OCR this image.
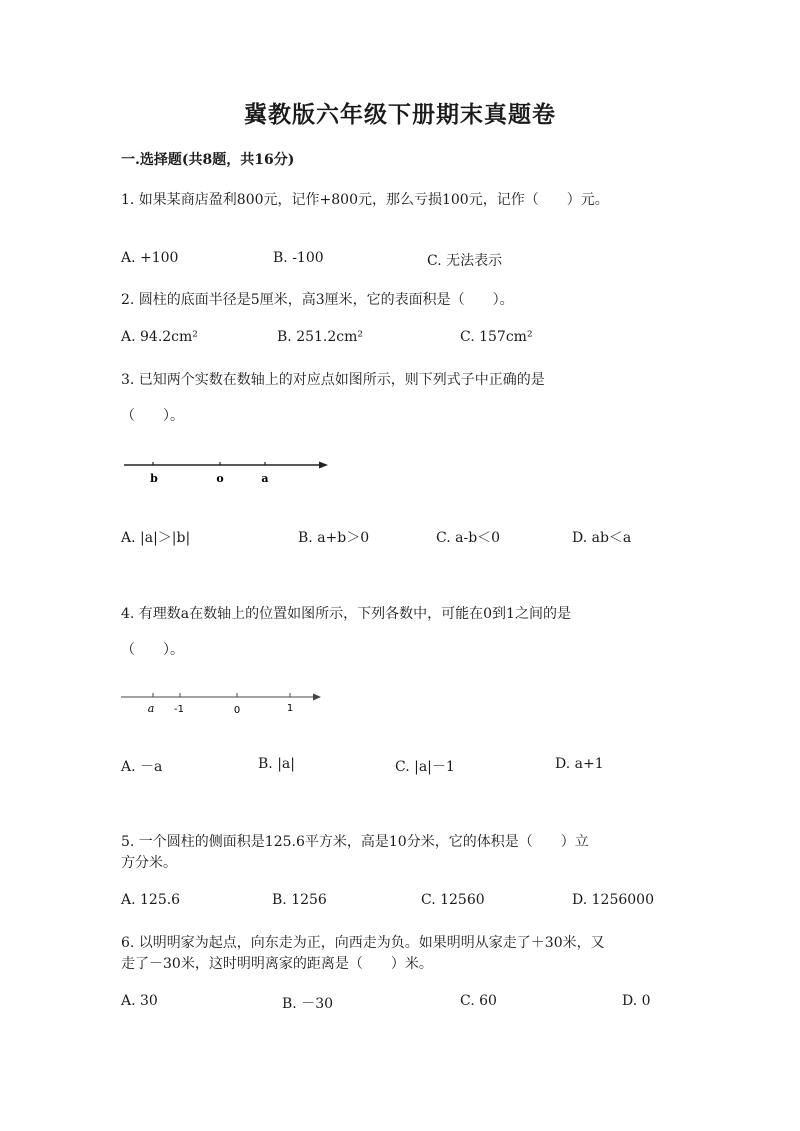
冀教版六年级下册期末真题卷
一.选择题(共8题，共16分)
1. 如果某商店盈利800元，记作+800元，那么亏损100元，记作（　　）元。
A. +100	B. -100	C. 无法表示
2. 圆柱的底面半径是5厘米，高3厘米，它的表面积是（　　）。
A. 94.2cm²	B. 251.2cm²	C. 157cm²
3. 已知两个实数在数轴上的对应点如图所示，则下列式子中正确的是
（　　）。
b	o	a
A. |a|＞|b|	B. a+b＞0	C. a-b＜0	D. ab＜a
4. 有理数a在数轴上的位置如图所示，下列各数中，可能在0到1之间的是
（　　）。
a -1	0	1
A. －a	B. |a|	C. |a|－1	D. a+1
5. 一个圆柱的侧面积是125.6平方米，高是10分米，它的体积是（　　）立
方分米。
A. 125.6	B. 1256	C. 12560	D. 1256000
6. 以明明家为起点，向东走为正，向西走为负。如果明明从家走了＋30米，又
走了－30米，这时明明离家的距离是（　　）米。
A. 30	B. －30	C. 60	D. 0
